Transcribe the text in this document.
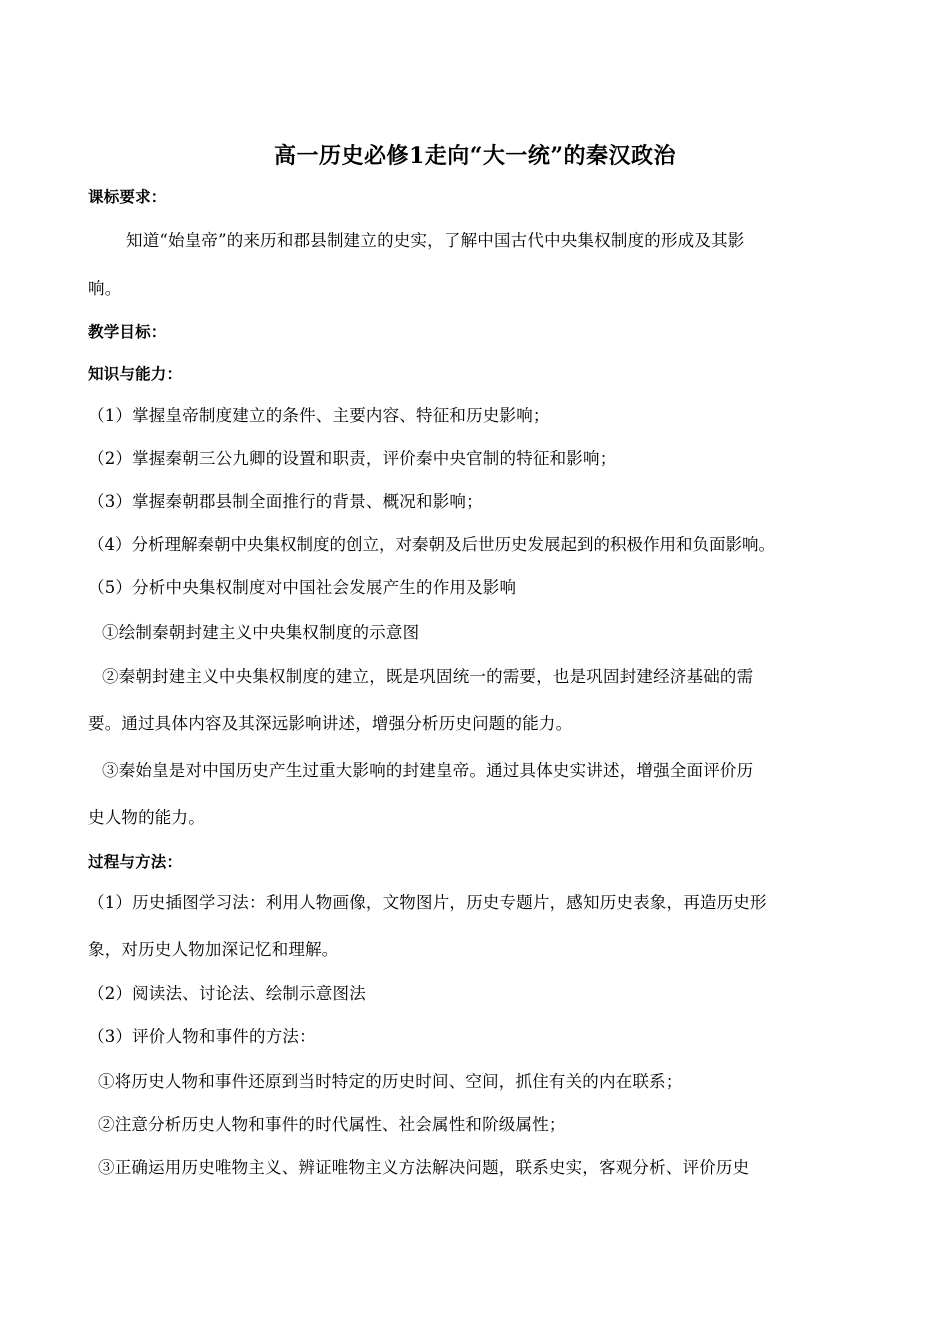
高一历史必修1走向“大一统”的秦汉政治
课标要求：
知道“始皇帝”的来历和郡县制建立的史实，了解中国古代中央集权制度的形成及其影
响。
教学目标：
知识与能力：
（1）掌握皇帝制度建立的条件、主要内容、特征和历史影响；
（2）掌握秦朝三公九卿的设置和职责，评价秦中央官制的特征和影响；
（3）掌握秦朝郡县制全面推行的背景、概况和影响；
（4）分析理解秦朝中央集权制度的创立，对秦朝及后世历史发展起到的积极作用和负面影响。
（5）分析中央集权制度对中国社会发展产生的作用及影响
①绘制秦朝封建主义中央集权制度的示意图
②秦朝封建主义中央集权制度的建立，既是巩固统一的需要，也是巩固封建经济基础的需
要。通过具体内容及其深远影响讲述，增强分析历史问题的能力。
③秦始皇是对中国历史产生过重大影响的封建皇帝。通过具体史实讲述，增强全面评价历
史人物的能力。
过程与方法：
（1）历史插图学习法：利用人物画像，文物图片，历史专题片，感知历史表象，再造历史形
象，对历史人物加深记忆和理解。
（2）阅读法、讨论法、绘制示意图法
（3）评价人物和事件的方法：
①将历史人物和事件还原到当时特定的历史时间、空间，抓住有关的内在联系；
②注意分析历史人物和事件的时代属性、社会属性和阶级属性；
③正确运用历史唯物主义、辨证唯物主义方法解决问题，联系史实，客观分析、评价历史
